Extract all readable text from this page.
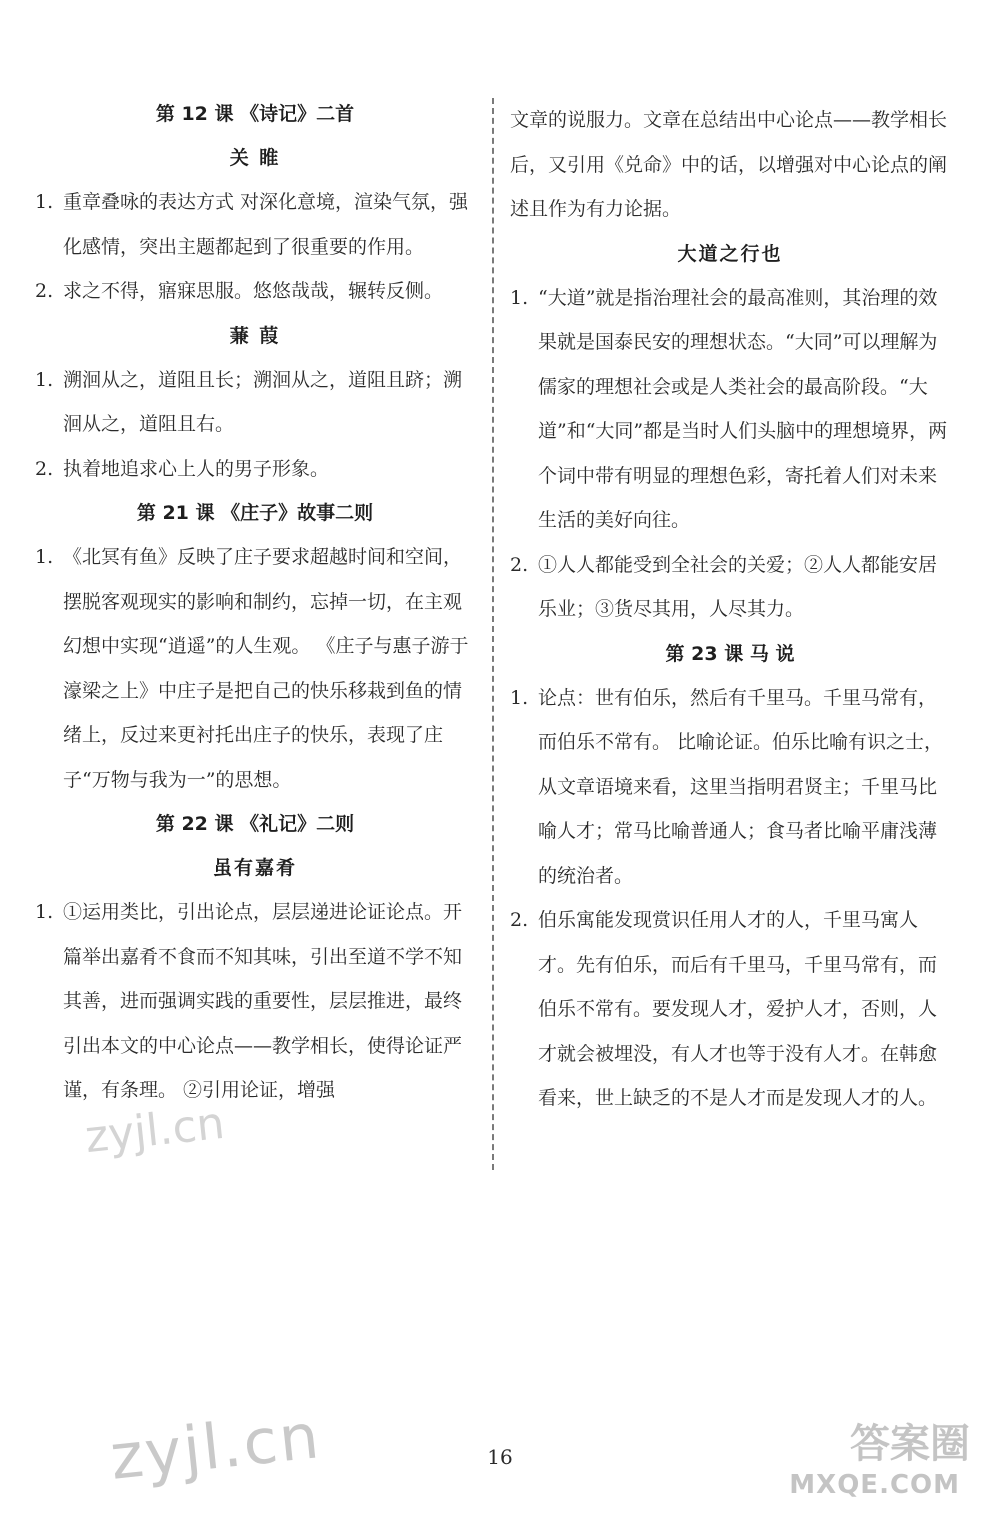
第 12 课 《诗记》二首
关 睢
1. 重章叠咏的表达方式 对深化意境，渲染气氛，强化感情，突出主题都起到了很重要的作用。
2. 求之不得，寤寐思服。悠悠哉哉，辗转反侧。
蒹 葭
1. 溯洄从之，道阻且长；溯洄从之，道阻且跻；溯洄从之，道阻且右。
2. 执着地追求心上人的男子形象。
第 21 课 《庄子》故事二则
1. 《北冥有鱼》反映了庄子要求超越时间和空间，摆脱客观现实的影响和制约，忘掉一切，在主观幻想中实现“逍遥”的人生观。 《庄子与惠子游于濠梁之上》中庄子是把自己的快乐移栽到鱼的情绪上，反过来更衬托出庄子的快乐，表现了庄子“万物与我为一”的思想。
第 22 课 《礼记》二则
虽有嘉肴
1. ①运用类比，引出论点，层层递进论证论点。开篇举出嘉肴不食而不知其味，引出至道不学不知其善，进而强调实践的重要性，层层推进，最终引出本文的中心论点——教学相长，使得论证严谨，有条理。 ②引用论证，增强

文章的说服力。文章在总结出中心论点——教学相长后，又引用《兑命》中的话，以增强对中心论点的阐述且作为有力论据。

大道之行也
1. “大道”就是指治理社会的最高准则，其治理的效果就是国泰民安的理想状态。“大同”可以理解为儒家的理想社会或是人类社会的最高阶段。“大道”和“大同”都是当时人们头脑中的理想境界，两个词中带有明显的理想色彩，寄托着人们对未来生活的美好向往。
2. ①人人都能受到全社会的关爱；②人人都能安居乐业；③货尽其用，人尽其力。
第 23 课 马 说
1. 论点：世有伯乐，然后有千里马。千里马常有，而伯乐不常有。 比喻论证。伯乐比喻有识之士，从文章语境来看，这里当指明君贤主；千里马比喻人才；常马比喻普通人；食马者比喻平庸浅薄的统治者。
2. 伯乐寓能发现赏识任用人才的人，千里马寓人才。先有伯乐，而后有千里马，千里马常有，而伯乐不常有。要发现人才，爱护人才，否则，人才就会被埋没，有人才也等于没有人才。在韩愈看来，世上缺乏的不是人才而是发现人才的人。
16
zyjl.cn
zyjl.cn	答案圈
MXQE.COM
